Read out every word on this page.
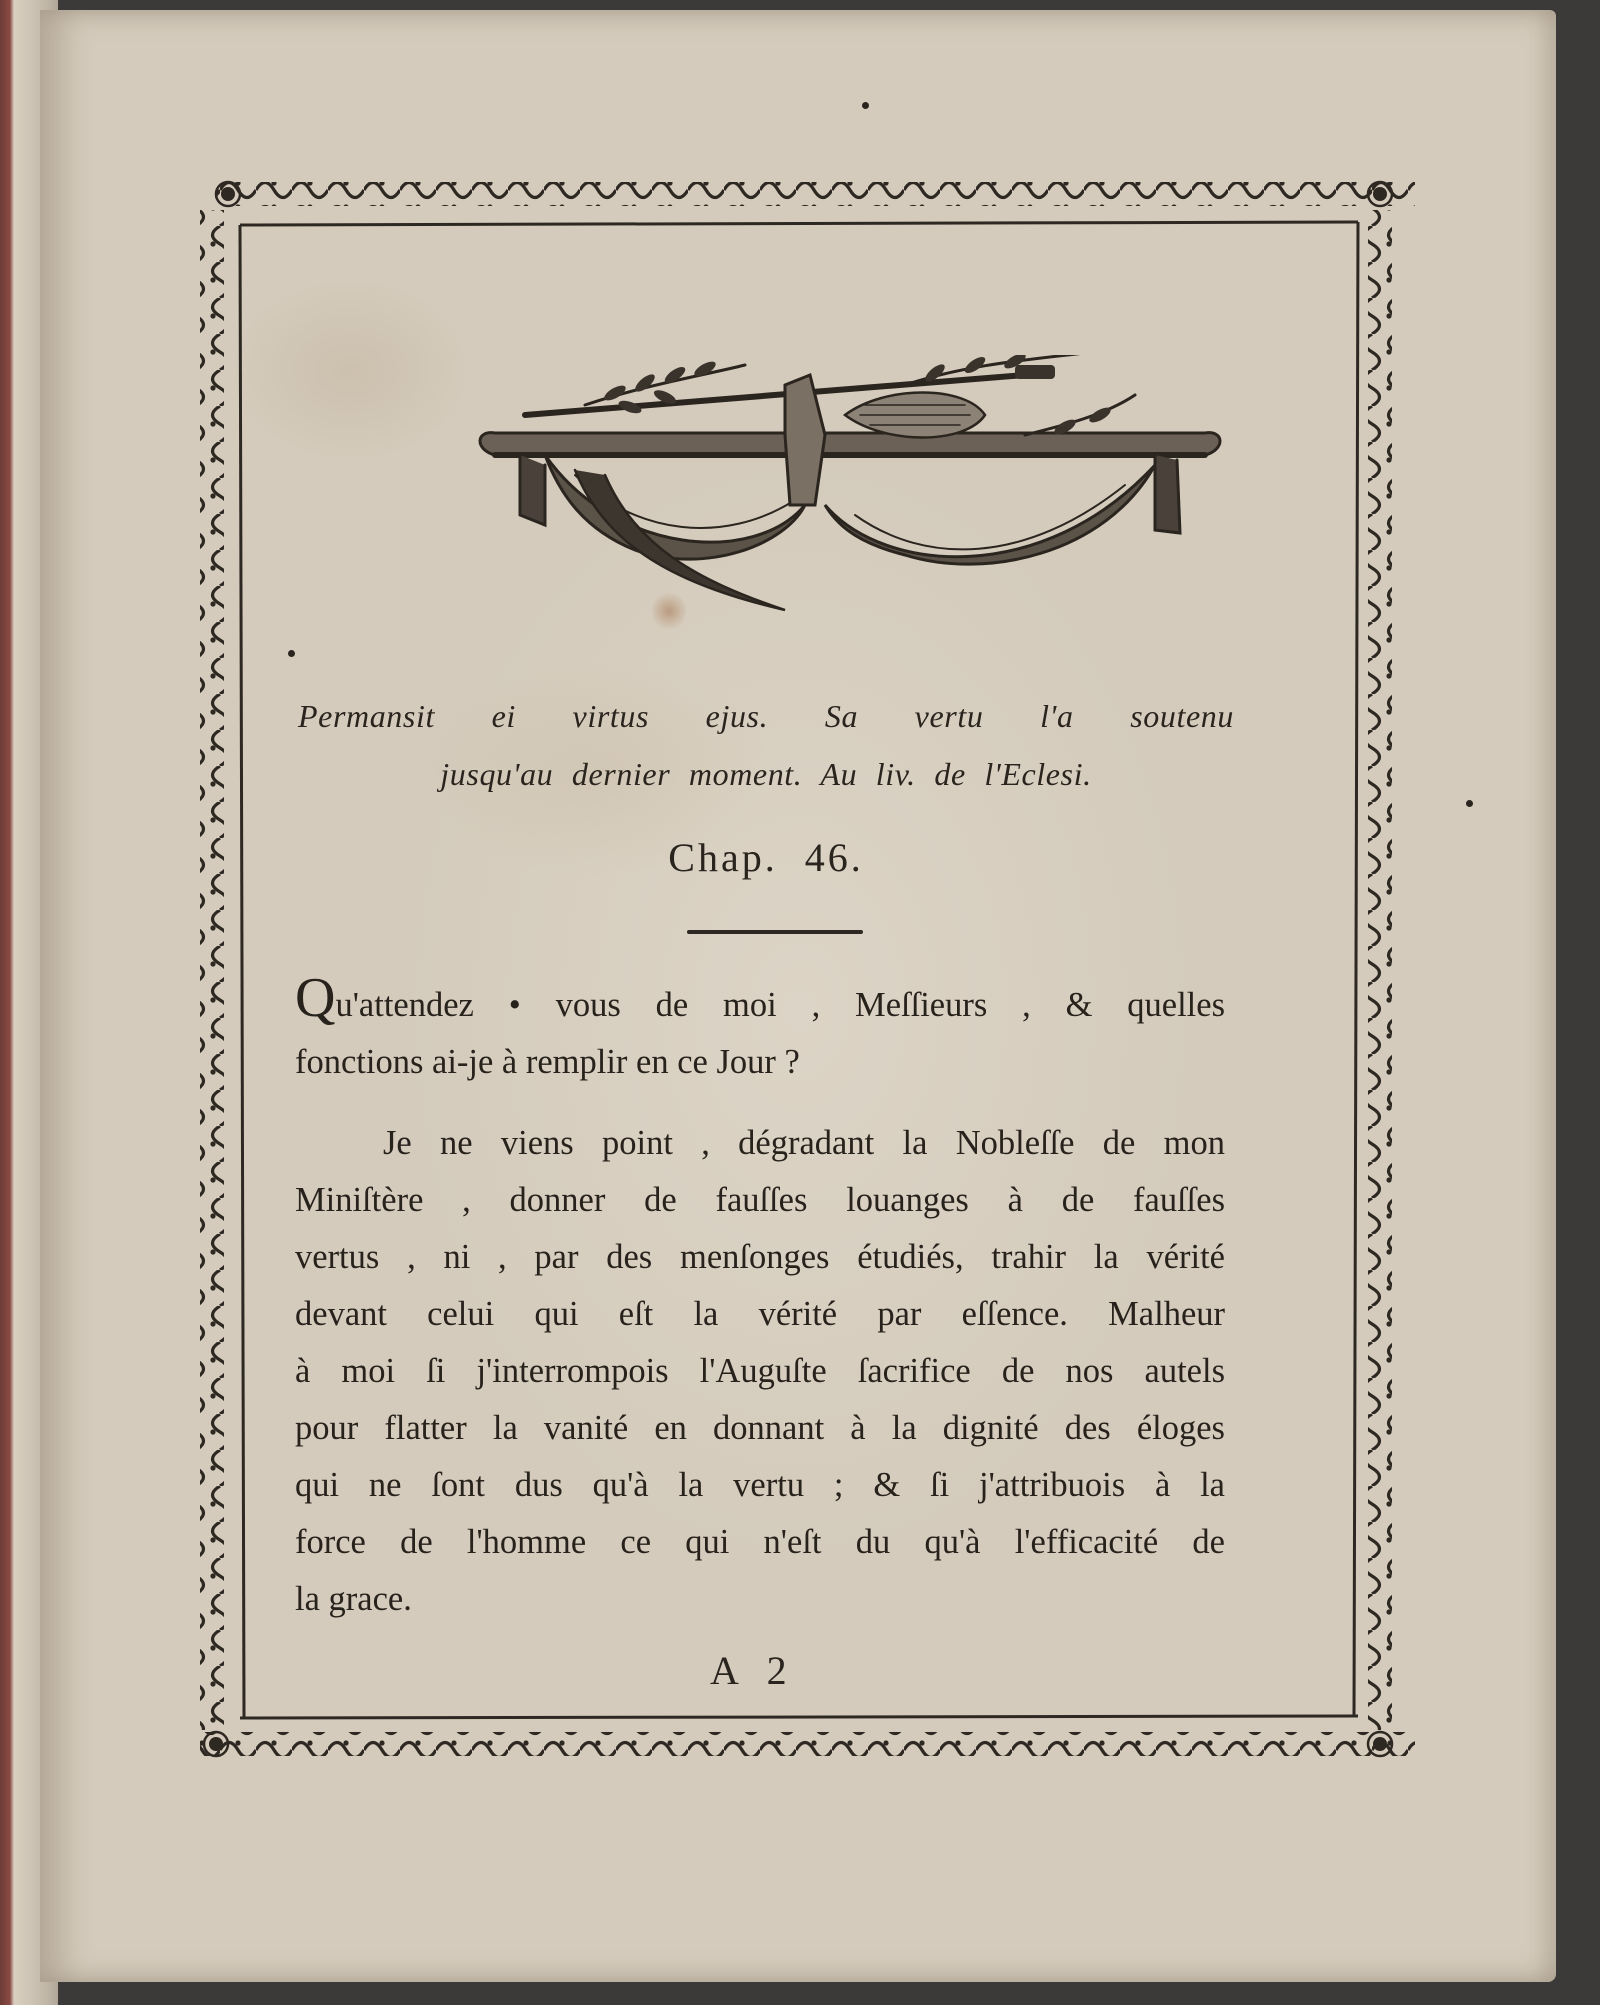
Permansit ei virtus ejus. Sa vertu l'a soutenu
jusqu'au dernier moment. Au liv. de l'Eclesi.
Chap. 46.
Qu'attendez • vous de moi , Meſſieurs , & quelles
fonctions ai-je à remplir en ce Jour ?
Je ne viens point , dégradant la Nobleſſe de mon
Miniſtère , donner de fauſſes louanges à de fauſſes
vertus , ni , par des menſonges étudiés, trahir la vérité
devant celui qui eſt la vérité par eſſence. Malheur
à moi ſi j'interrompois l'Auguſte ſacrifice de nos autels
pour flatter la vanité en donnant à la dignité des éloges
qui ne ſont dus qu'à la vertu ; & ſi j'attribuois à la
force de l'homme ce qui n'eſt du qu'à l'efficacité de
la grace.
A 2
